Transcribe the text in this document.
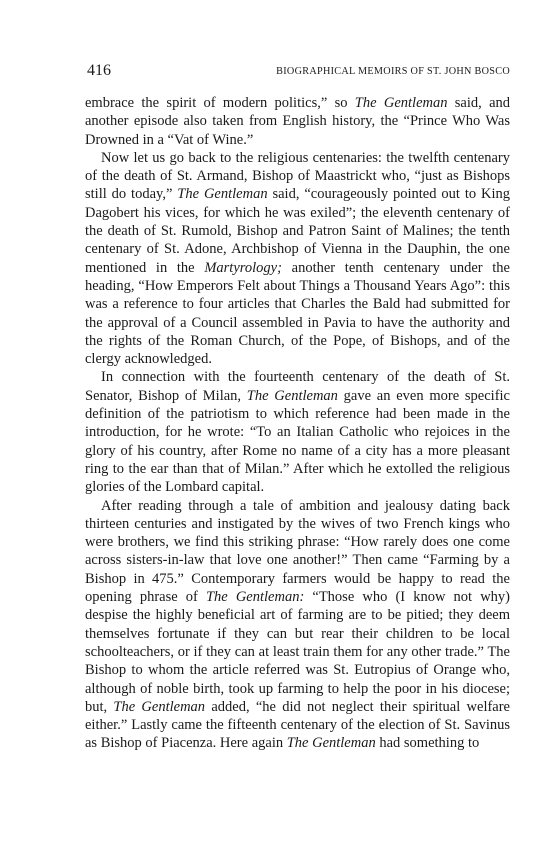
416	BIOGRAPHICAL MEMOIRS OF ST. JOHN BOSCO

embrace the spirit of modern politics,” so The Gentleman said, and another episode also taken from English history, the “Prince Who Was Drowned in a “Vat of Wine.”

Now let us go back to the religious centenaries: the twelfth centenary of the death of St. Armand, Bishop of Maastrickt who, “just as Bishops still do today,” The Gentleman said, “courageously pointed out to King Dagobert his vices, for which he was exiled”; the eleventh centenary of the death of St. Rumold, Bishop and Patron Saint of Malines; the tenth centenary of St. Adone, Archbishop of Vienna in the Dauphin, the one mentioned in the Martyrology; another tenth centenary under the heading, “How Emperors Felt about Things a Thousand Years Ago”: this was a reference to four articles that Charles the Bald had submitted for the approval of a Council assembled in Pavia to have the authority and the rights of the Roman Church, of the Pope, of Bishops, and of the clergy acknowledged.

In connection with the fourteenth centenary of the death of St. Senator, Bishop of Milan, The Gentleman gave an even more specific definition of the patriotism to which reference had been made in the introduction, for he wrote: “To an Italian Catholic who rejoices in the glory of his country, after Rome no name of a city has a more pleasant ring to the ear than that of Milan.” After which he extolled the religious glories of the Lombard capital.

After reading through a tale of ambition and jealousy dating back thirteen centuries and instigated by the wives of two French kings who were brothers, we find this striking phrase: “How rarely does one come across sisters-in-law that love one another!” Then came “Farming by a Bishop in 475.” Contemporary farmers would be happy to read the opening phrase of The Gentleman: “Those who (I know not why) despise the highly beneficial art of farming are to be pitied; they deem themselves fortunate if they can but rear their children to be local schoolteachers, or if they can at least train them for any other trade.” The Bishop to whom the article referred was St. Eutropius of Orange who, although of noble birth, took up farming to help the poor in his diocese; but, The Gentleman added, “he did not neglect their spiritual welfare either.” Lastly came the fifteenth centenary of the election of St. Savinus as Bishop of Piacenza. Here again The Gentleman had something to
